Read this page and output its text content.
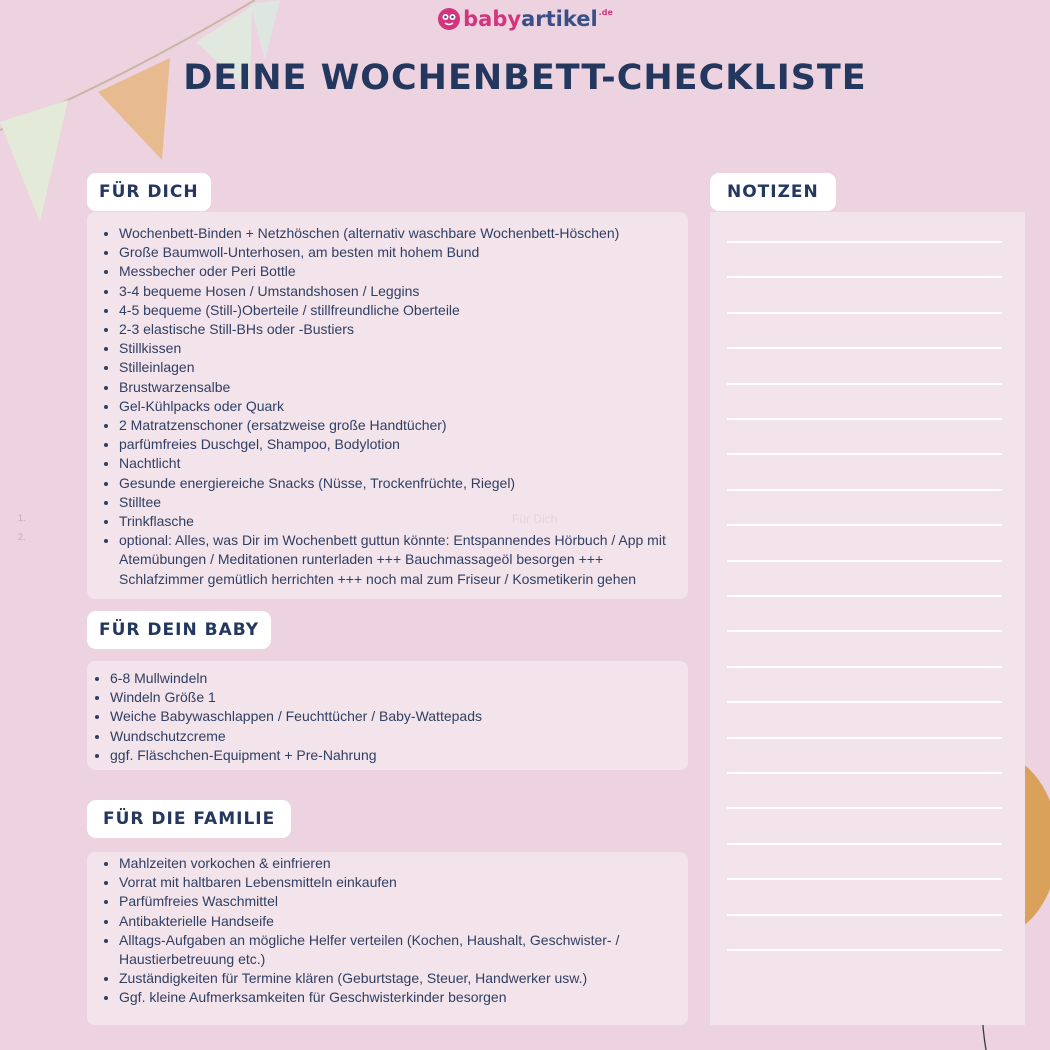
babyartikel$^{.de}$
DEINE WOCHENBETT-CHECKLISTE
FÜR DICH
• Wochenbett-Binden + Netzhöschen (alternativ waschbare Wochenbett-Höschen)
• Große Baumwoll-Unterhosen, am besten mit hohem Bund
• Messbecher oder Peri Bottle
• 3-4 bequeme Hosen / Umstandshosen / Leggins
• 4-5 bequeme (Still-)Oberteile / stillfreundliche Oberteile
• 2-3 elastische Still-BHs oder -Bustiers
• Stillkissen
• Stilleinlagen
• Brustwarzensalbe
• Gel-Kühlpacks oder Quark
• 2 Matratzenschoner (ersatzweise große Handtücher)
• parfümfreies Duschgel, Shampoo, Bodylotion
• Nachtlicht
• Gesunde energiereiche Snacks (Nüsse, Trockenfrüchte, Riegel)
• Stilltee
• Trinkflasche
• optional: Alles, was Dir im Wochenbett guttun könnte: Entspannendes Hörbuch / App mit Atemübungen / Meditationen runterladen +++ Bauchmassageöl besorgen +++ Schlafzimmer gemütlich herrichten +++ noch mal zum Friseur / Kosmetikerin gehen
FÜR DEIN BABY
• 6-8 Mullwindeln
• Windeln Größe 1
• Weiche Babywaschlappen / Feuchttücher / Baby-Wattepads
• Wundschutzcreme
• ggf. Fläschchen-Equipment + Pre-Nahrung
FÜR DIE FAMILIE
• Mahlzeiten vorkochen & einfrieren
• Vorrat mit haltbaren Lebensmitteln einkaufen
• Parfümfreies Waschmittel
• Antibakterielle Handseife
• Alltags-Aufgaben an mögliche Helfer verteilen (Kochen, Haushalt, Geschwister- / Haustierbetreuung etc.)
• Zuständigkeiten für Termine klären (Geburtstage, Steuer, Handwerker usw.)
• Ggf. kleine Aufmerksamkeiten für Geschwisterkinder besorgen
NOTIZEN
1.
2.
Für Dich
